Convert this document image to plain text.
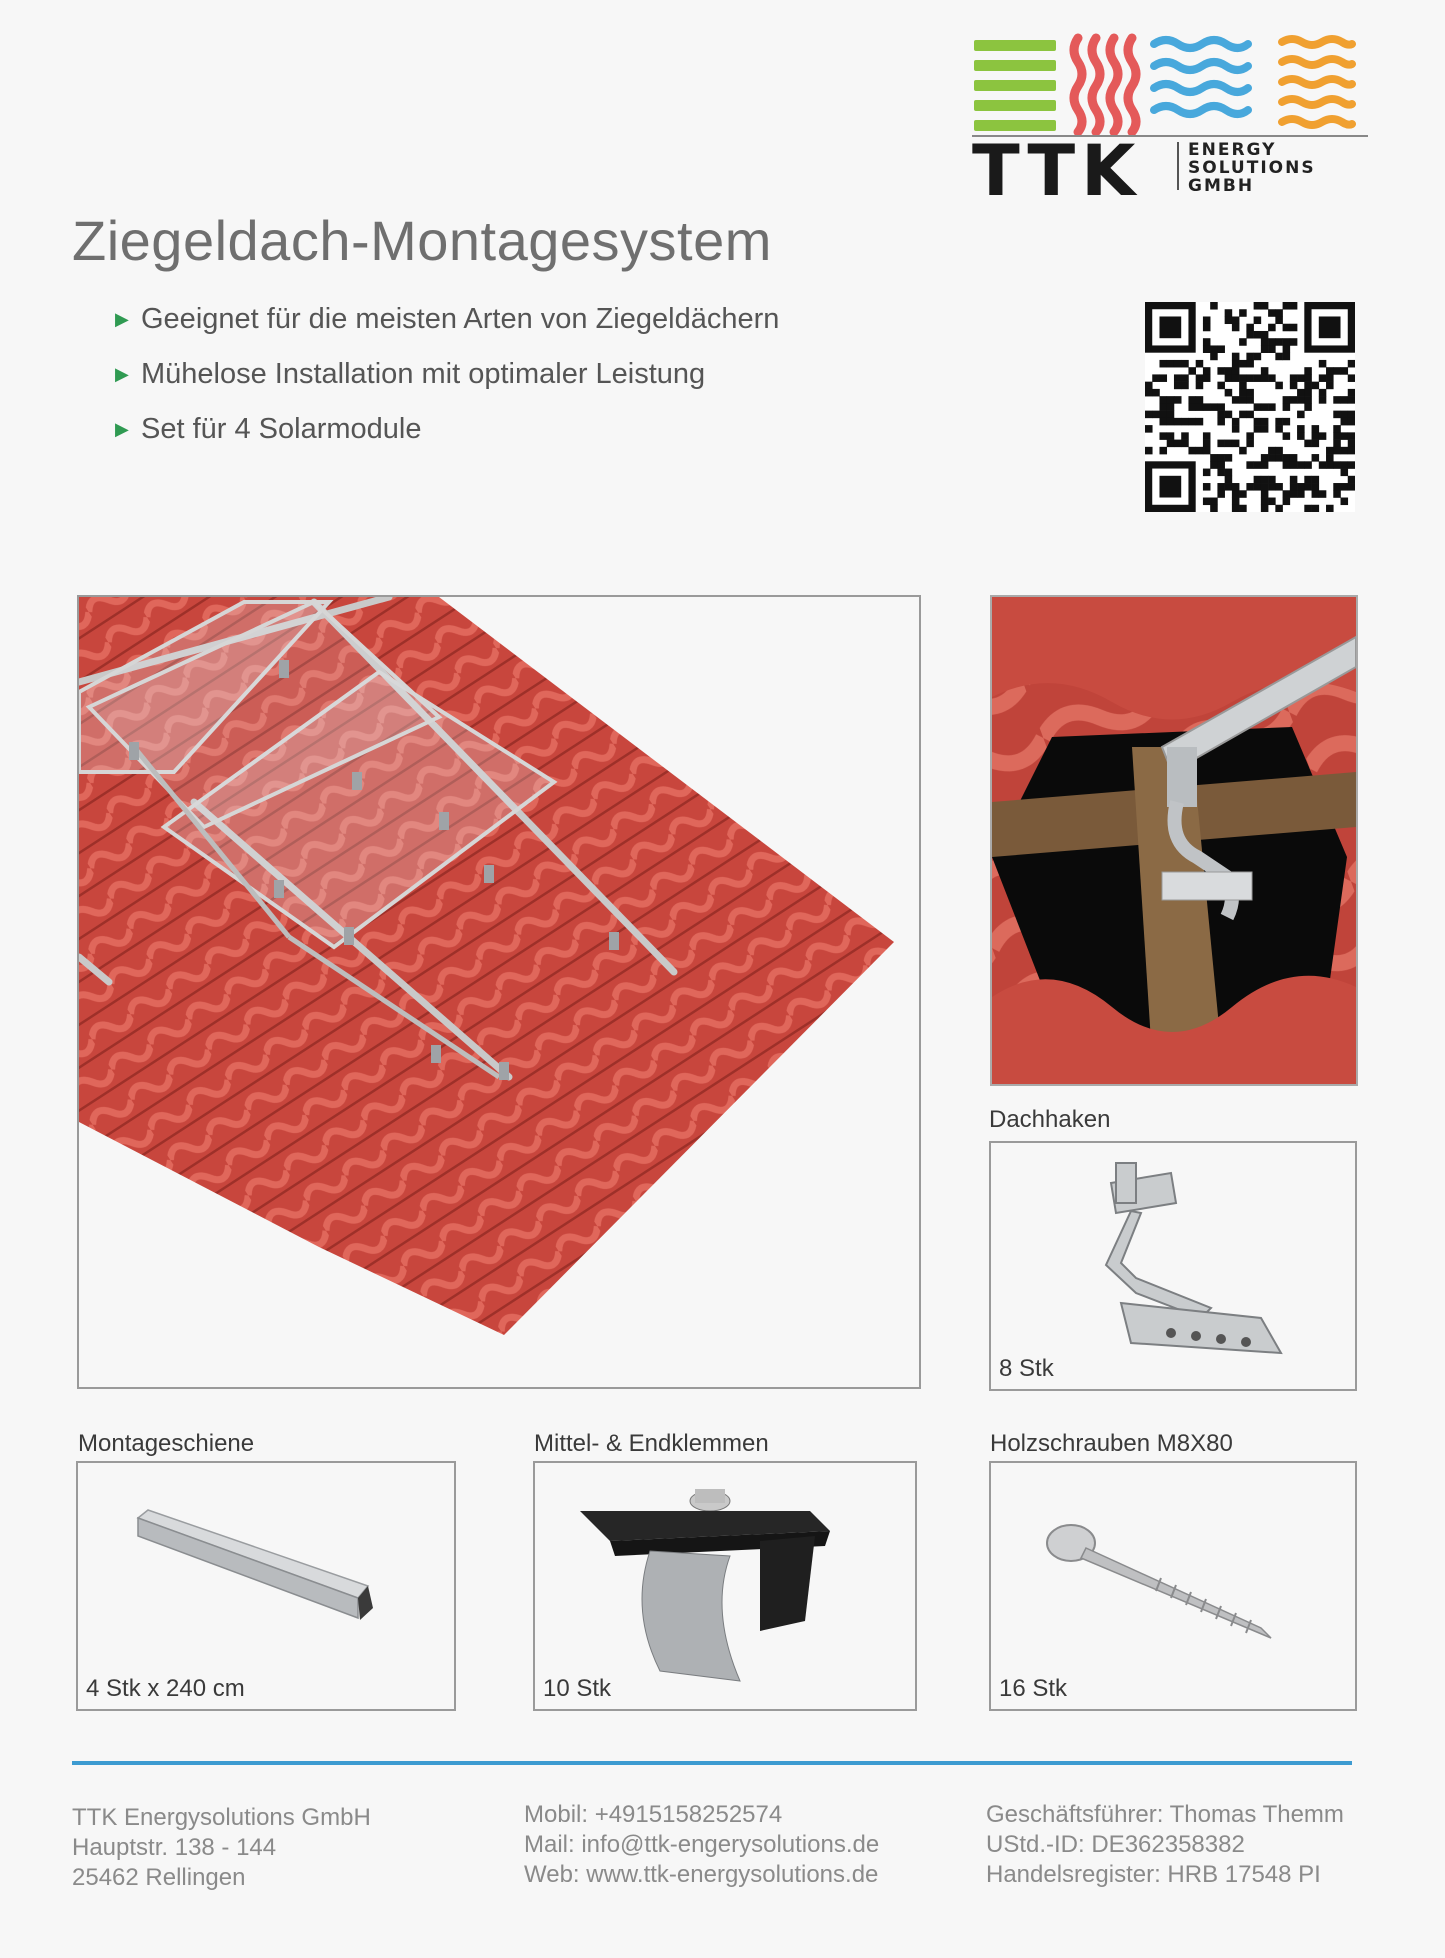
TTK	ENERGY
SOLUTIONS
GMBH
Ziegeldach-Montagesystem
▶ Geeignet für die meisten Arten von Ziegeldächern
▶ Mühelose Installation mit optimaler Leistung
▶ Set für 4 Solarmodule
Dachhaken
8 Stk
Montageschiene
4 Stk x 240 cm
Mittel- & Endklemmen
10 Stk
Holzschrauben M8X80
16 Stk
TTK Energysolutions GmbH
Hauptstr. 138 - 144
25462 Rellingen
Mobil: +4915158252574
Mail: info@ttk-engerysolutions.de
Web: www.ttk-energysolutions.de
Geschäftsführer: Thomas Themm
UStd.-ID: DE362358382
Handelsregister: HRB 17548 PI
